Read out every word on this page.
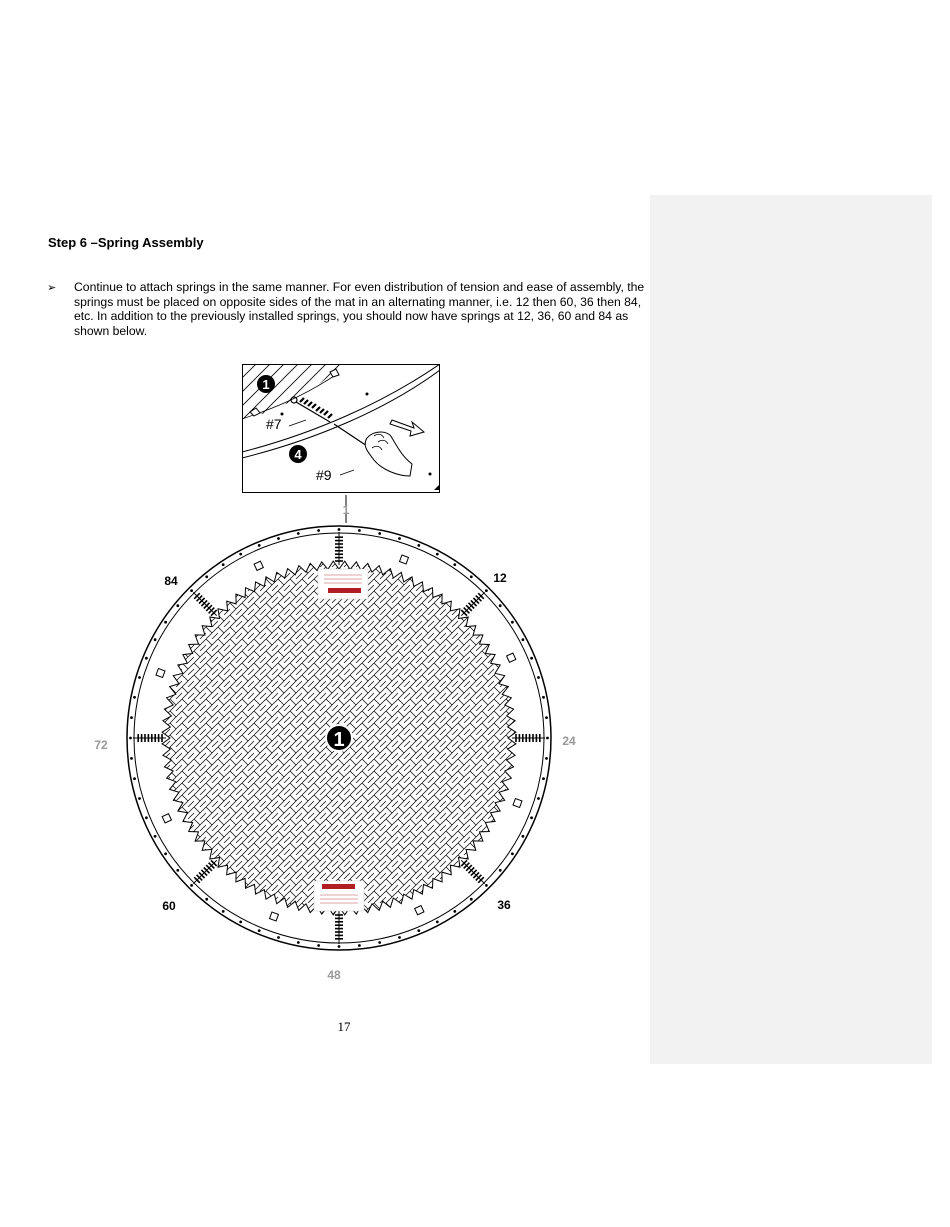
Step 6 –Spring Assembly
➢ Continue to attach springs in the same manner. For even distribution of tension and ease of assembly, the springs must be placed on opposite sides of the mat in an alternating manner, i.e. 12 then 60, 36 then 84, etc. In addition to the previously installed springs, you should now have springs at 12, 36, 60 and 84 as shown below.
1
4
#7
#9
1
1
12
24
36
48
60
72
84
17
